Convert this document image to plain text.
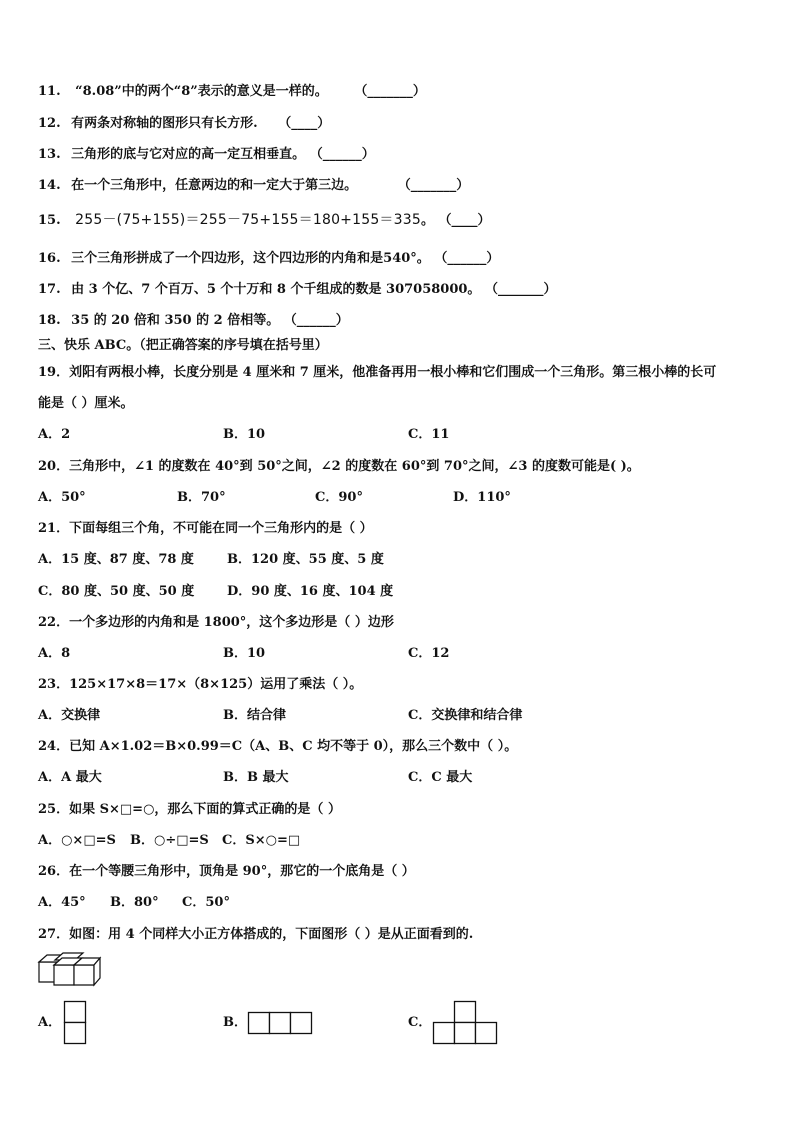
11. “8.08”中的两个“8”表示的意义是一样的。 （_______）
12. 有两条对称轴的图形只有长方形. （____）
13. 三角形的底与它对应的高一定互相垂直。 （______）
14. 在一个三角形中，任意两边的和一定大于第三边。	（_______）
15. 255－(75+155)＝255－75+155＝180+155＝335。 （____）
16. 三个三角形拼成了一个四边形，这个四边形的内角和是540°。 （______）
17. 由 3 个亿、7 个百万、5 个十万和 8 个千组成的数是 307058000。 （_______）
18. 35 的 20 倍和 350 的 2 倍相等。 （______）
三、快乐 ABC。（把正确答案的序号填在括号里）
19．刘阳有两根小棒，长度分别是 4 厘米和 7 厘米，他准备再用一根小棒和它们围成一个三角形。第三根小棒的长可
能是（ ）厘米。
A．2	B．10	C．11
20．三角形中，∠1 的度数在 40°到 50°之间，∠2 的度数在 60°到 70°之间，∠3 的度数可能是( )。
A．50°	B．70°	C．90°	D．110°
21．下面每组三个角，不可能在同一个三角形内的是（ ）
A．15 度、87 度、78 度	B．120 度、55 度、5 度
C．80 度、50 度、50 度	D．90 度、16 度、104 度
22．一个多边形的内角和是 1800°，这个多边形是（ ）边形
A．8	B．10	C．12
23．125×17×8＝17×（8×125）运用了乘法（ ）。
A．交换律	B．结合律	C．交换律和结合律
24．已知 A×1.02＝B×0.99＝C（A、B、C 均不等于 0），那么三个数中（ ）。
A．A 最大	B．B 最大	C．C 最大
25．如果 S×□=○，那么下面的算式正确的是（ ）
A．○×□=S B．○÷□=S C．S×○=□
26．在一个等腰三角形中，顶角是 90°，那它的一个底角是（ ）
A．45° B．80° C．50°
27．如图：用 4 个同样大小正方体搭成的，下面图形（ ）是从正面看到的.
A．	B．	C．
